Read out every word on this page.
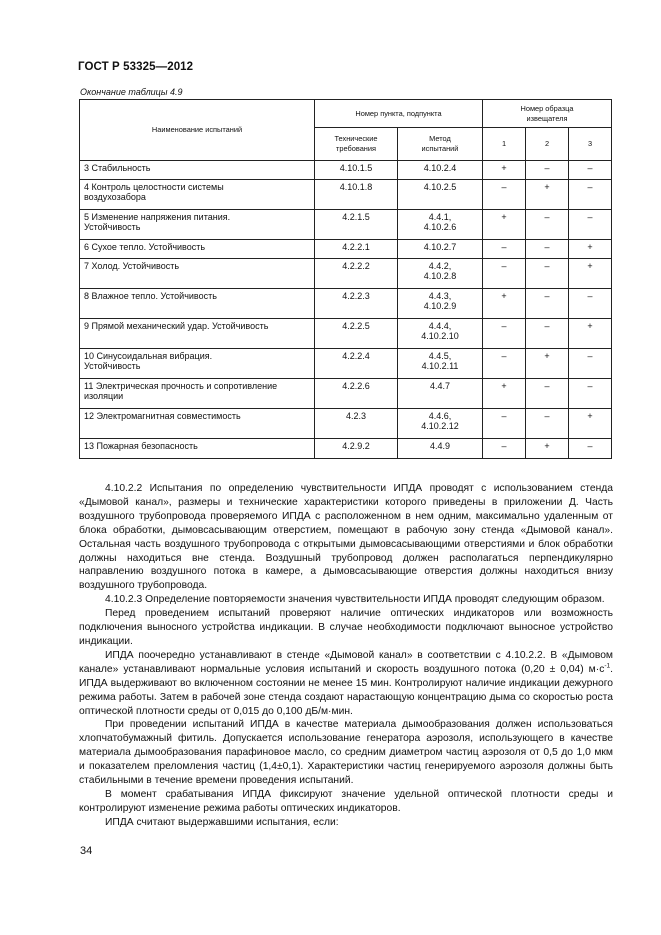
ГОСТ Р 53325—2012
Окончание таблицы 4.9
Наименование испытаний	Номер пункта, подпункта		Номер образца извещателя		
	Технические требования	Метод испытаний	1	2	3
3 Стабильность	4.10.1.5	4.10.2.4	+	–	–
4 Контроль целостности системы воздухозабора	4.10.1.8	4.10.2.5	–	+	–
5 Изменение напряжения питания. Устойчивость	4.2.1.5	4.4.1, 4.10.2.6	+	–	–
6 Сухое тепло. Устойчивость	4.2.2.1	4.10.2.7	–	–	+
7 Холод. Устойчивость	4.2.2.2	4.4.2, 4.10.2.8	–	–	+
8 Влажное тепло. Устойчивость	4.2.2.3	4.4.3, 4.10.2.9	+	–	–
9 Прямой механический удар. Устойчивость	4.2.2.5	4.4.4, 4.10.2.10	–	–	+
10 Синусоидальная вибрация. Устойчивость	4.2.2.4	4.4.5, 4.10.2.11	–	+	–
11 Электрическая прочность и сопротивление изоляции	4.2.2.6	4.4.7	+	–	–
12 Электромагнитная совместимость	4.2.3	4.4.6, 4.10.2.12	–	–	+
13 Пожарная безопасность	4.2.9.2	4.4.9	–	+	–

4.10.2.2 Испытания по определению чувствительности ИПДА проводят с использованием стенда «Дымовой канал», размеры и технические характеристики которого приведены в приложении Д. Часть воздушного трубопровода проверяемого ИПДА с расположенном в нем одним, максимально удаленным от блока обработки, дымовсасывающим отверстием, помещают в рабочую зону стенда «Дымовой канал». Остальная часть воздушного трубопровода с открытыми дымовсасывающими отверстиями и блок обработки должны находиться вне стенда. Воздушный трубопровод должен располагаться перпендикулярно направлению воздушного потока в камере, а дымовсасывающие отверстия должны находиться внизу воздушного трубопровода.

4.10.2.3 Определение повторяемости значения чувствительности ИПДА проводят следующим образом.

Перед проведением испытаний проверяют наличие оптических индикаторов или возможность подключения выносного устройства индикации. В случае необходимости подключают выносное устройство индикации.

ИПДА поочередно устанавливают в стенде «Дымовой канал» в соответствии с 4.10.2.2. В «Дымовом канале» устанавливают нормальные условия испытаний и скорость воздушного потока (0,20 ± 0,04) $м\cdot с^{-1}$. ИПДА выдерживают во включенном состоянии не менее 15 мин. Контролируют наличие индикации дежурного режима работы. Затем в рабочей зоне стенда создают нарастающую концентрацию дыма со скоростью роста оптической плотности среды от 0,015 до 0,100 дБ/м·мин.

При проведении испытаний ИПДА в качестве материала дымообразования должен использоваться хлопчатобумажный фитиль. Допускается использование генератора аэрозоля, использующего в качестве материала дымообразования парафиновое масло, со средним диаметром частиц аэрозоля от 0,5 до 1,0 мкм и показателем преломления частиц (1,4±0,1). Характеристики частиц генерируемого аэрозоля должны быть стабильными в течение времени проведения испытаний.

В момент срабатывания ИПДА фиксируют значение удельной оптической плотности среды и контролируют изменение режима работы оптических индикаторов.

ИПДА считают выдержавшими испытания, если:

34
